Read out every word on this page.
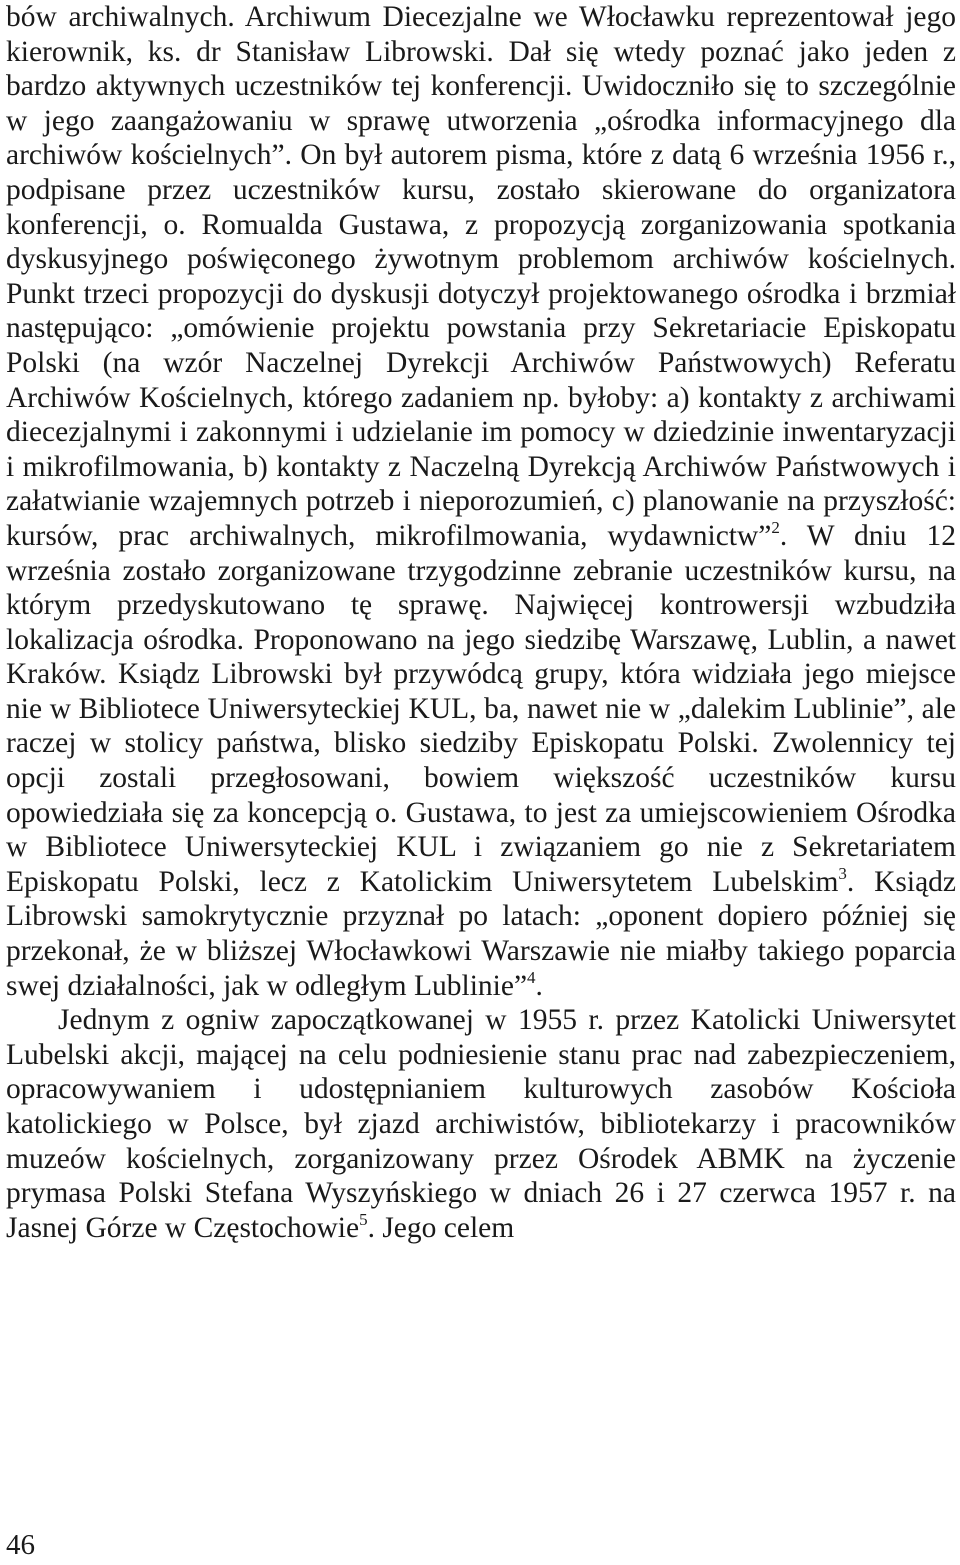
bów archiwalnych. Archiwum Diecezjalne we Włocławku reprezentował jego kierownik, ks. dr Stanisław Librowski. Dał się wtedy poznać jako jeden z bardzo aktywnych uczestników tej konferencji. Uwidoczniło się to szczególnie w jego zaangażowaniu w sprawę utworzenia „ośrodka informacyjnego dla archiwów kościelnych”. On był autorem pisma, które z datą 6 września 1956 r., podpisane przez uczestników kursu, zostało skierowane do organizatora konferencji, o. Romualda Gustawa, z propozycją zorganizowania spotkania dyskusyjnego poświęconego żywotnym problemom archiwów kościelnych. Punkt trzeci propozycji do dyskusji dotyczył projektowanego ośrodka i brzmiał następująco: „omówienie projektu powstania przy Sekretariacie Episkopatu Polski (na wzór Naczelnej Dyrekcji Archiwów Państwowych) Referatu Archiwów Kościelnych, którego zadaniem np. byłoby: a) kontakty z archiwami diecezjalnymi i zakonnymi i udzielanie im pomocy w dziedzinie inwentaryzacji i mikrofilmowania, b) kontakty z Naczelną Dyrekcją Archiwów Państwowych i załatwianie wzajemnych potrzeb i nieporozumień, c) planowanie na przyszłość: kursów, prac archiwalnych, mikrofilmowania, wydawnictw”$^2$. W dniu 12 września zostało zorganizowane trzygodzinne zebranie uczestników kursu, na którym przedyskutowano tę sprawę. Najwięcej kontrowersji wzbudziła lokalizacja ośrodka. Proponowano na jego siedzibę Warszawę, Lublin, a nawet Kraków. Ksiądz Librowski był przywódcą grupy, która widziała jego miejsce nie w Bibliotece Uniwersyteckiej KUL, ba, nawet nie w „dalekim Lublinie”, ale raczej w stolicy państwa, blisko siedziby Episkopatu Polski. Zwolennicy tej opcji zostali przegłosowani, bowiem większość uczestników kursu opowiedziała się za koncepcją o. Gustawa, to jest za umiejscowieniem Ośrodka w Bibliotece Uniwersyteckiej KUL i związaniem go nie z Sekretariatem Episkopatu Polski, lecz z Katolickim Uniwersytetem Lubelskim$^3$. Ksiądz Librowski samokrytycznie przyznał po latach: „oponent dopiero później się przekonał, że w bliższej Włocławkowi Warszawie nie miałby takiego poparcia swej działalności, jak w odległym Lublinie”$^4$.

Jednym z ogniw zapoczątkowanej w 1955 r. przez Katolicki Uniwersytet Lubelski akcji, mającej na celu podniesienie stanu prac nad zabezpieczeniem, opracowywaniem i udostępnianiem kulturowych zasobów Kościoła katolickiego w Polsce, był zjazd archiwistów, bibliotekarzy i pracowników muzeów kościelnych, zorganizowany przez Ośrodek ABMK na życzenie prymasa Polski Stefana Wyszyńskiego w dniach 26 i 27 czerwca 1957 r. na Jasnej Górze w Częstochowie$^5$. Jego celem

46
